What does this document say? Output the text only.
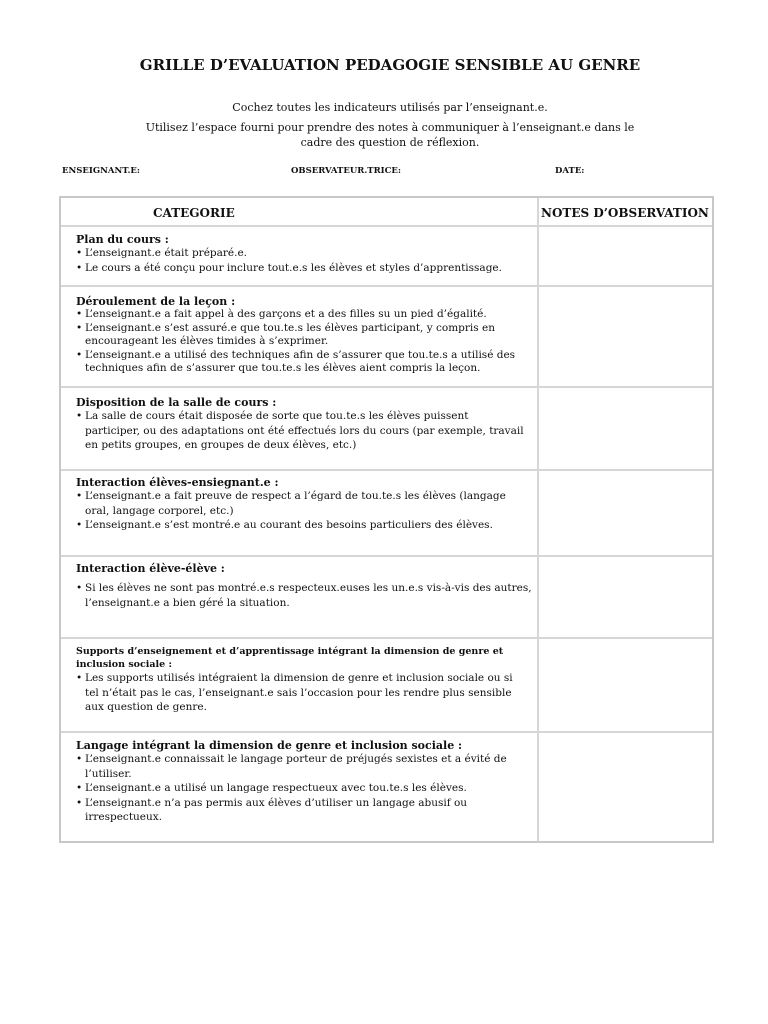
GRILLE D’EVALUATION PEDAGOGIE SENSIBLE AU GENRE

Cochez toutes les indicateurs utilisés par l’enseignant.e.

Utilisez l’espace fourni pour prendre des notes à communiquer à l’enseignant.e dans le cadre des question de réflexion.

ENSEIGNANT.E:	OBSERVATEUR.TRICE:	DATE:
CATEGORIE	NOTES D’OBSERVATION
Plan du cours :
• L’enseignant.e était préparé.e.
• Le cours a été conçu pour inclure tout.e.s les élèves et styles d’apprentissage.
Déroulement de la leçon :
• L’enseignant.e a fait appel à des garçons et a des filles su un pied d’égalité.
• L’enseignant.e s’est assuré.e que tou.te.s les élèves participant, y compris en encourageant les élèves timides à s’exprimer.
• L’enseignant.e a utilisé des techniques afin de s’assurer que tou.te.s a utilisé des techniques afin de s’assurer que tou.te.s les élèves aient compris la leçon.
Disposition de la salle de cours :
• La salle de cours était disposée de sorte que tou.te.s les élèves puissent participer, ou des adaptations ont été effectués lors du cours (par exemple, travail en petits groupes, en groupes de deux élèves, etc.)
Interaction élèves-ensiegnant.e :
• L’enseignant.e a fait preuve de respect a l’égard de tou.te.s les élèves (langage oral, langage corporel, etc.)
• L’enseignant.e s’est montré.e au courant des besoins particuliers des élèves.
Interaction élève-élève :
• Si les élèves ne sont pas montré.e.s respecteux.euses les un.e.s vis-à-vis des autres, l’enseignant.e a bien géré la situation.
Supports d’enseignement et d’apprentissage intégrant la dimension de genre et inclusion sociale :
• Les supports utilisés intégraient la dimension de genre et inclusion sociale ou si tel n’était pas le cas, l’enseignant.e sais l’occasion pour les rendre plus sensible aux question de genre.
Langage intégrant la dimension de genre et inclusion sociale :
• L’enseignant.e connaissait le langage porteur de préjugés sexistes et a évité de l’utiliser.
• L’enseignant.e a utilisé un langage respectueux avec tou.te.s les élèves.
• L’enseignant.e n’a pas permis aux élèves d’utiliser un langage abusif ou irrespectueux.
